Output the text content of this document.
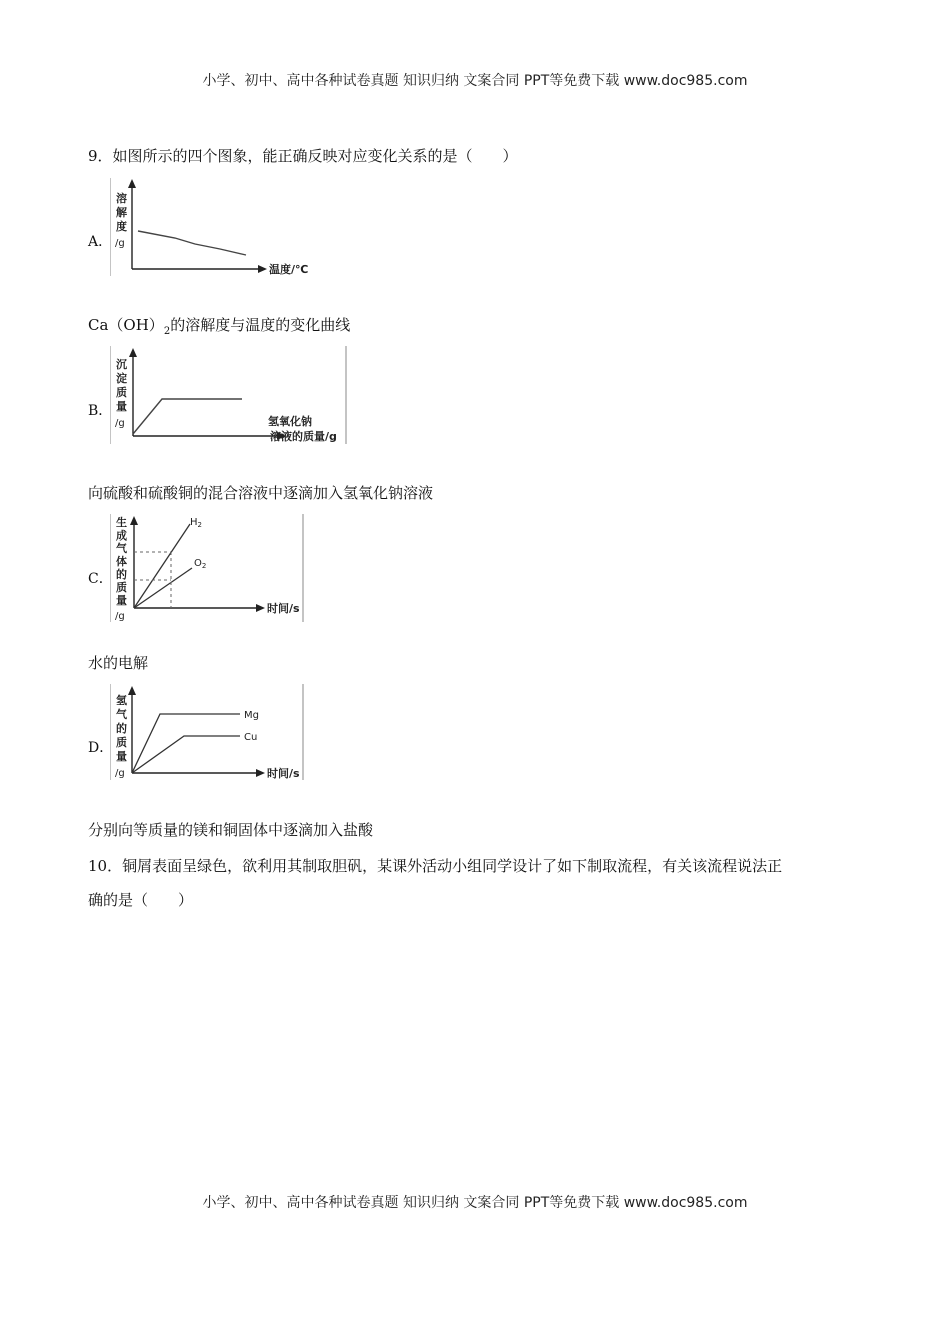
小学、初中、高中各种试卷真题 知识归纳 文案合同 PPT等免费下载 www.doc985.com
9．如图所示的四个图象，能正确反映对应变化关系的是（　　）
A．
溶
解
度
/g
温度/℃
$Ca(OH)_2$的溶解度与温度的变化曲线
B．
沉
淀
质
量
/g	氢氧化钠
溶液的质量/g
向硫酸和硫酸铜的混合溶液中逐滴加入氢氧化钠溶液
C．
$H_2$
$O_2$
生
成
气
体
的
质
量
/g
时间/s
水的电解
D．
Mg
Cu
氢
气
的
质
量
/g	时间/s
分别向等质量的镁和铜固体中逐滴加入盐酸
10．铜屑表面呈绿色，欲利用其制取胆矾，某课外活动小组同学设计了如下制取流程，有关该流程说法正
确的是（　　）
小学、初中、高中各种试卷真题 知识归纳 文案合同 PPT等免费下载 www.doc985.com
